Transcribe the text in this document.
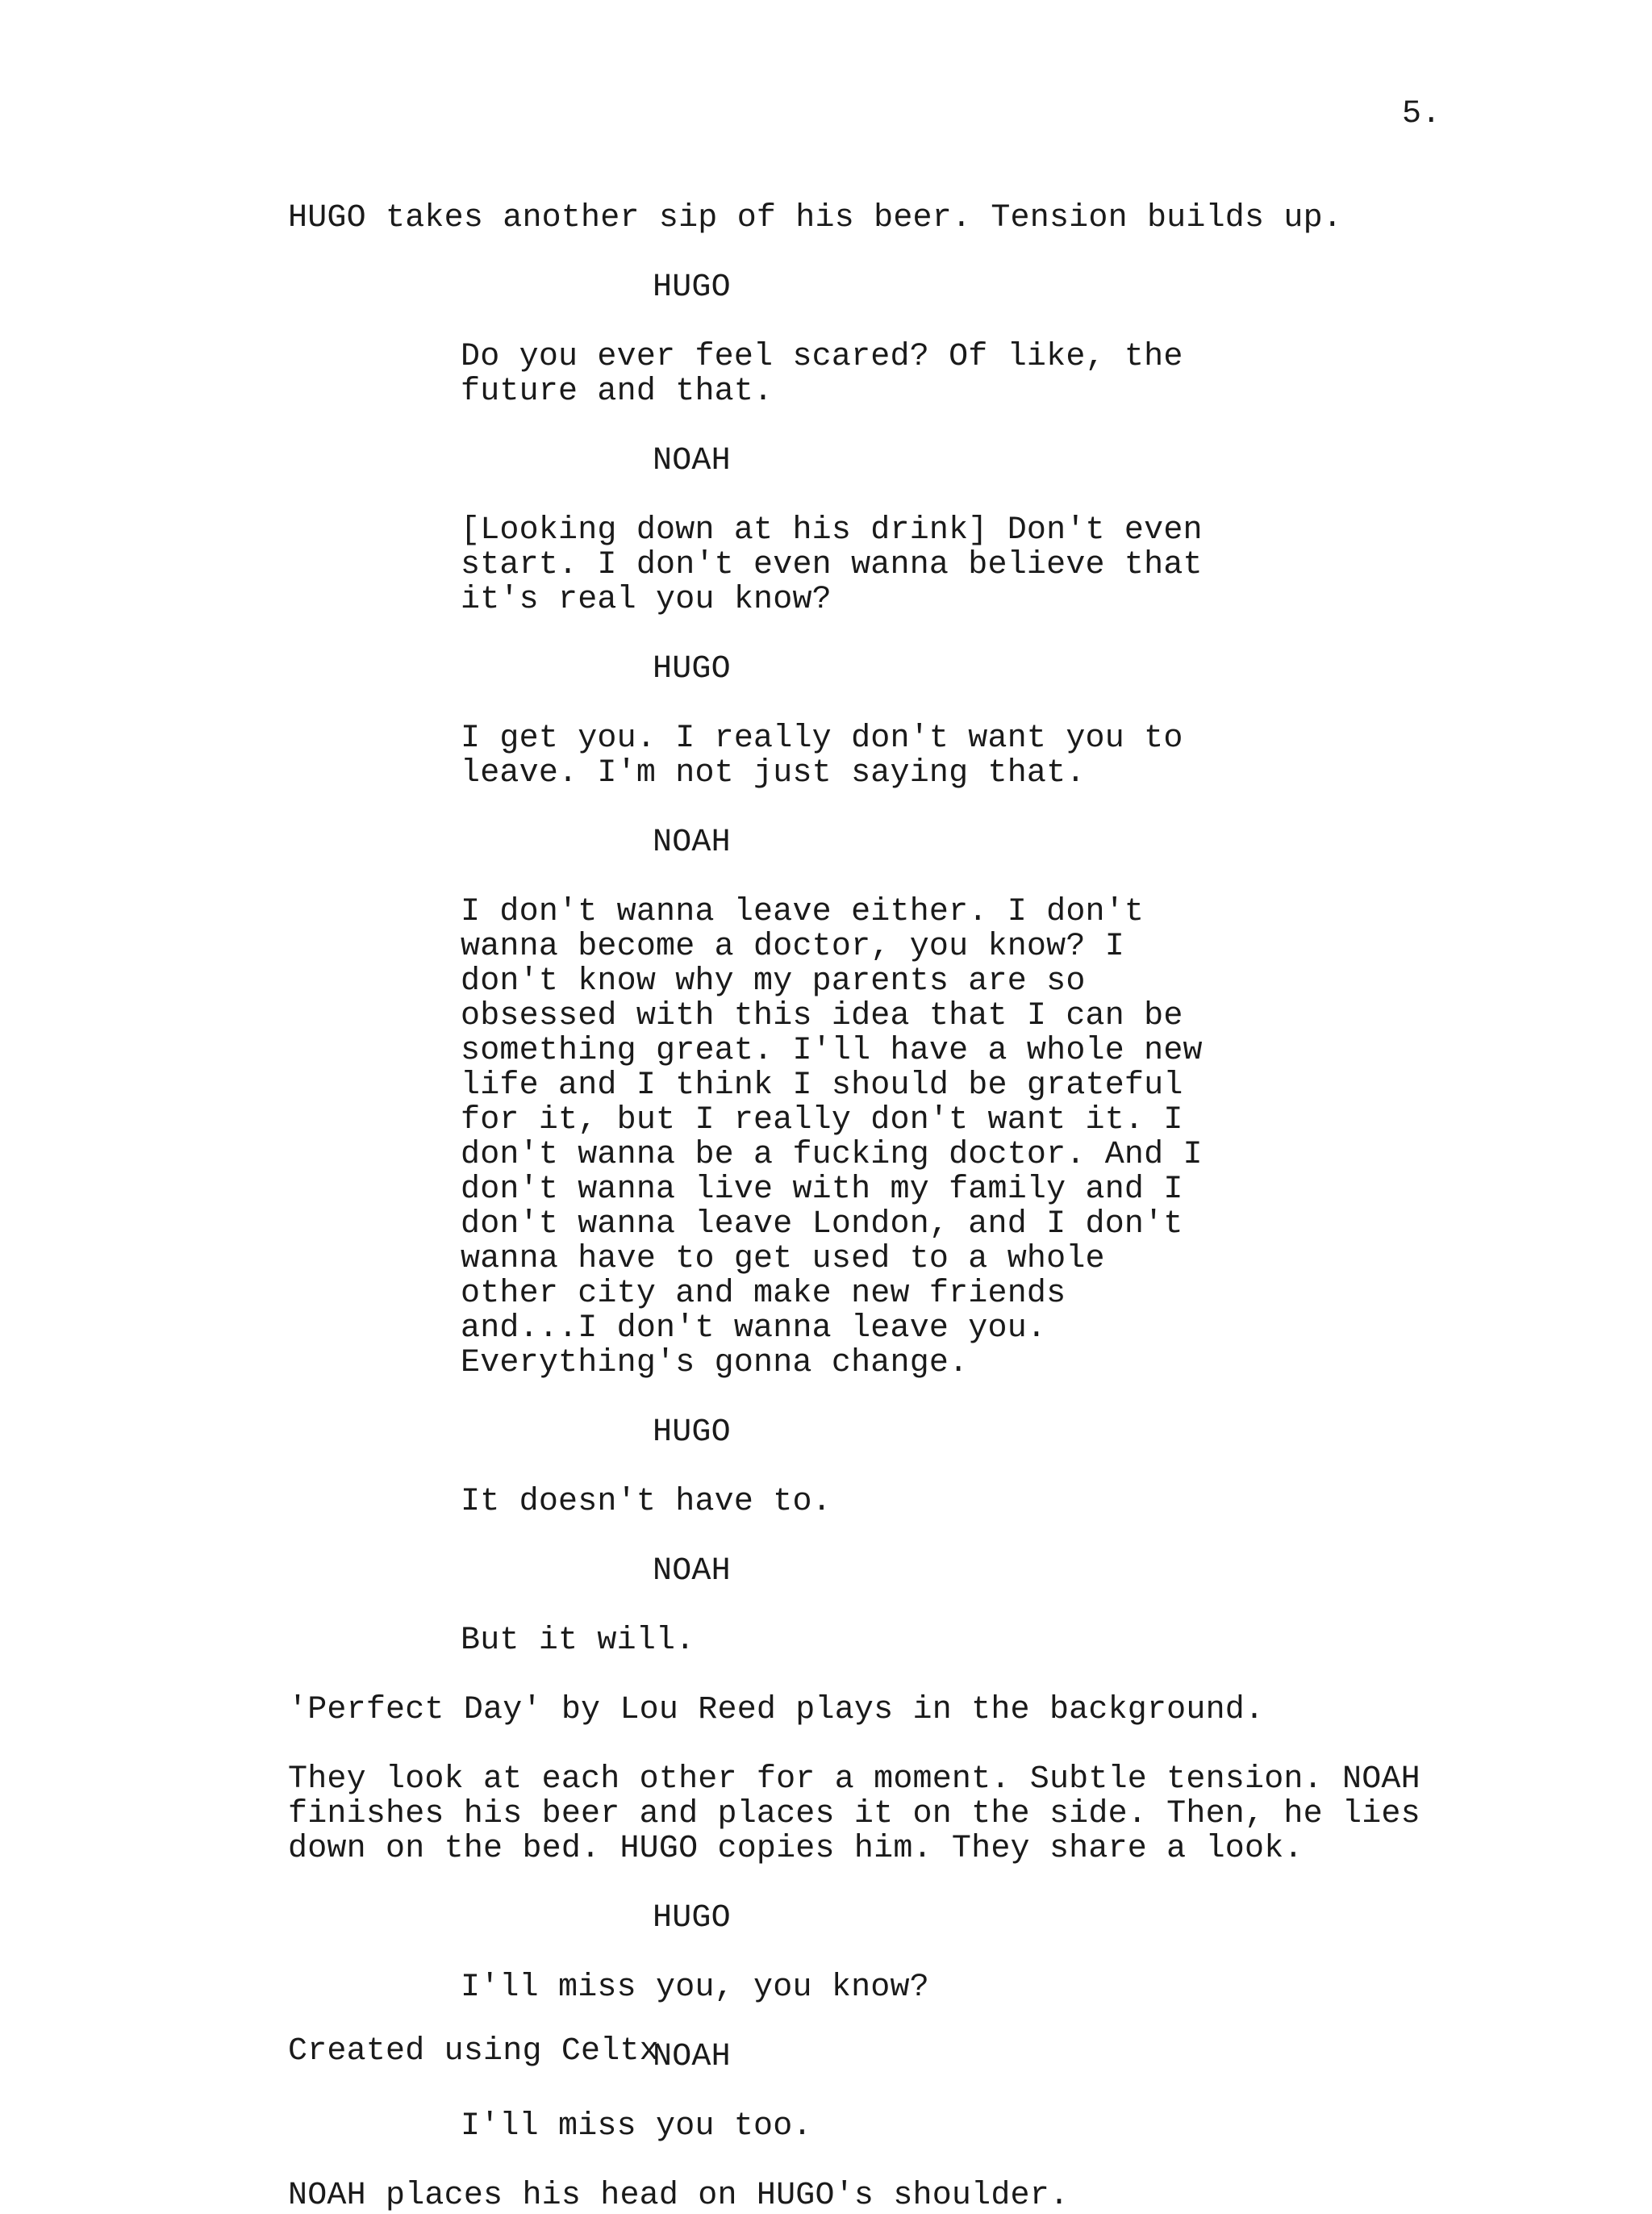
5.
HUGO takes another sip of his beer. Tension builds up.
HUGO
Do you ever feel scared? Of like, the
future and that.
NOAH
[Looking down at his drink] Don't even
start. I don't even wanna believe that
it's real you know?
HUGO
I get you. I really don't want you to
leave. I'm not just saying that.
NOAH
I don't wanna leave either. I don't
wanna become a doctor, you know? I
don't know why my parents are so
obsessed with this idea that I can be
something great. I'll have a whole new
life and I think I should be grateful
for it, but I really don't want it. I
don't wanna be a fucking doctor. And I
don't wanna live with my family and I
don't wanna leave London, and I don't
wanna have to get used to a whole
other city and make new friends
and...I don't wanna leave you.
Everything's gonna change.
HUGO
It doesn't have to.
NOAH
But it will.
'Perfect Day' by Lou Reed plays in the background.
They look at each other for a moment. Subtle tension. NOAH
finishes his beer and places it on the side. Then, he lies
down on the bed. HUGO copies him. They share a look.
HUGO
I'll miss you, you know?
NOAH
I'll miss you too.
NOAH places his head on HUGO's shoulder.
Created using Celtx
